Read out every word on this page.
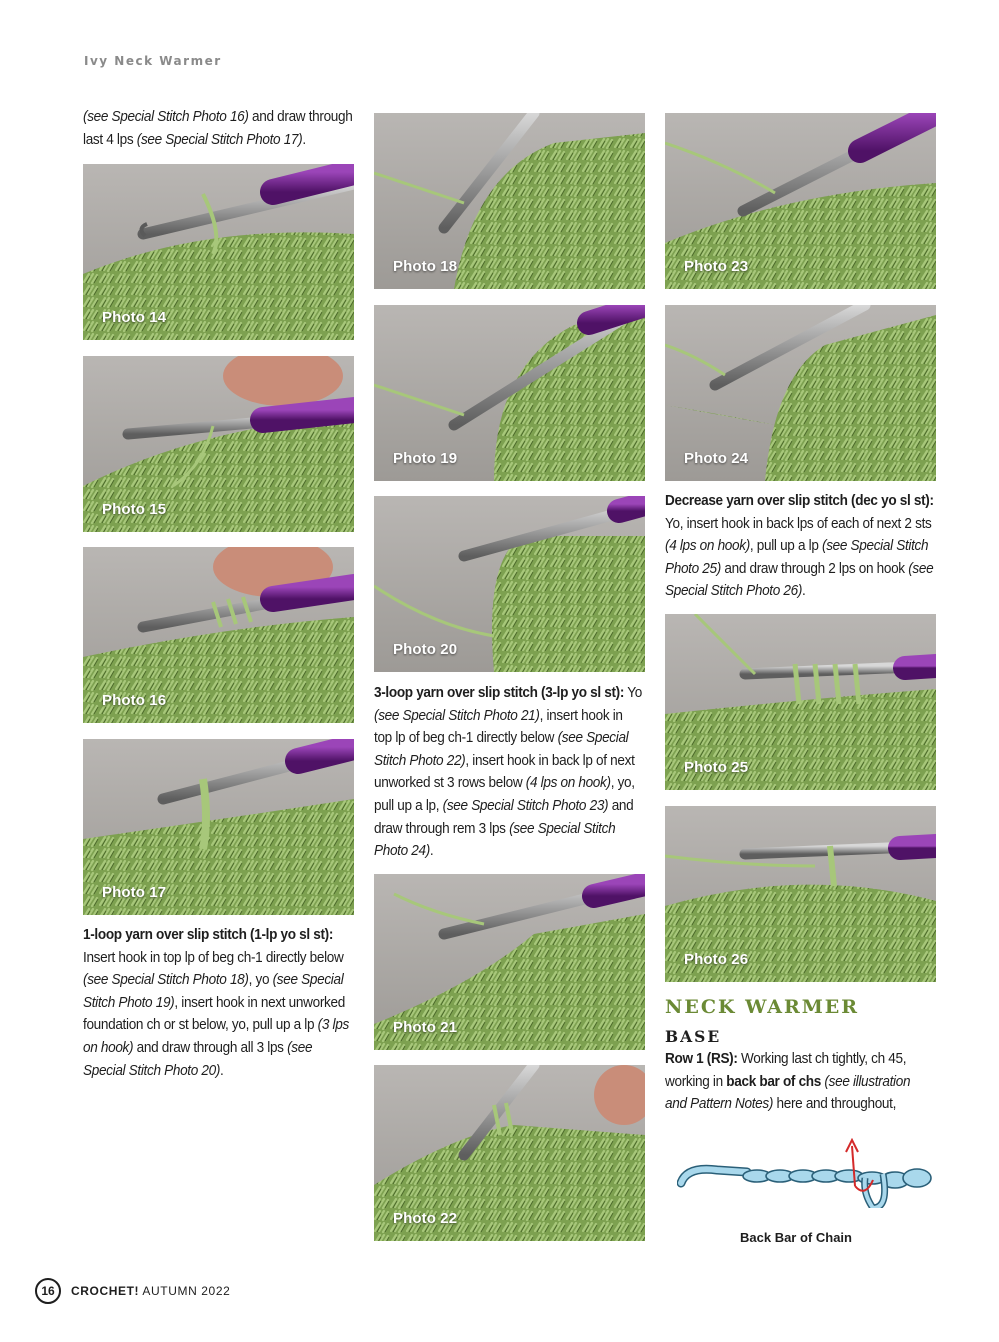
Ivy Neck Warmer

(see Special Stitch Photo 16) and draw through last 4 lps (see Special Stitch Photo 17).

Photo 14
Photo 15
Photo 16
Photo 17

1-loop yarn over slip stitch (1-lp yo sl st): Insert hook in top lp of beg ch-1 directly below (see Special Stitch Photo 18), yo (see Special Stitch Photo 19), insert hook in next unworked foundation ch or st below, yo, pull up a lp (3 lps on hook) and draw through all 3 lps (see Special Stitch Photo 20).

Photo 18
Photo 19
Photo 20

3-loop yarn over slip stitch (3-lp yo sl st): Yo (see Special Stitch Photo 21), insert hook in top lp of beg ch-1 directly below (see Special Stitch Photo 22), insert hook in back lp of next unworked st 3 rows below (4 lps on hook), yo, pull up a lp, (see Special Stitch Photo 23) and draw through rem 3 lps (see Special Stitch Photo 24).

Photo 21
Photo 22
Photo 23
Photo 24

Decrease yarn over slip stitch (dec yo sl st): Yo, insert hook in back lps of each of next 2 sts (4 lps on hook), pull up a lp (see Special Stitch Photo 25) and draw through 2 lps on hook (see Special Stitch Photo 26).

Photo 25
Photo 26
NECK WARMER
BASE

Row 1 (RS): Working last ch tightly, ch 45, working in back bar of chs (see illustration and Pattern Notes) here and throughout,

Back Bar of Chain
16	CROCHET! AUTUMN 2022
